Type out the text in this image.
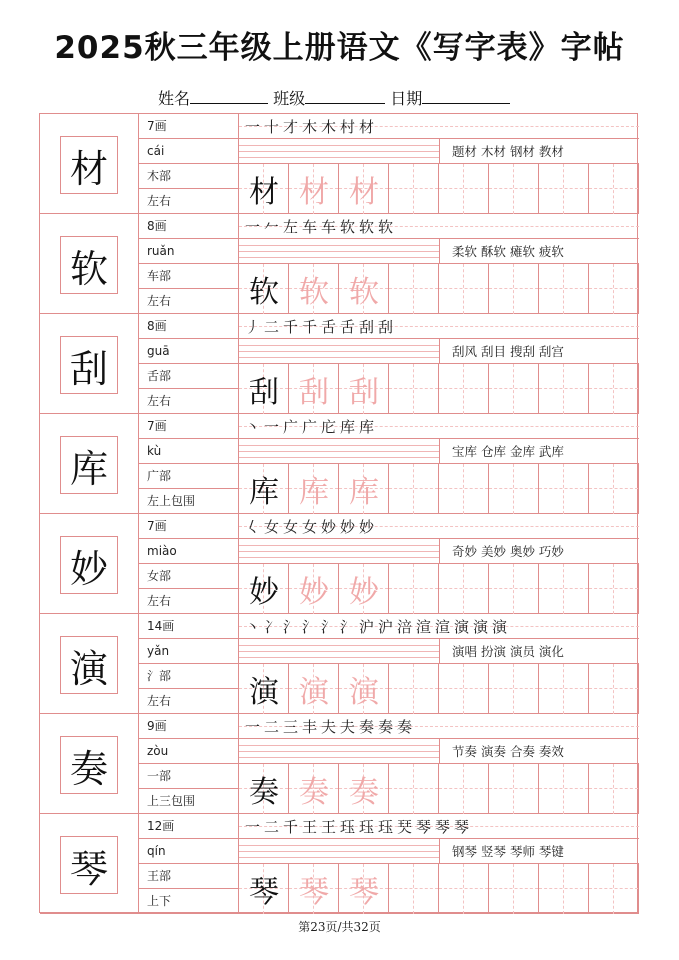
2025秋三年级上册语文《写字表》字帖
姓名	班级	日期
材
7画
cái
木部
左右
一十才木木村材
题材 木材 钢材 教材
材 材 材
软
8画
ruǎn
车部
左右
一𠂉左车车软软软
柔软 酥软 瘫软 疲软
软 软 软
刮
8画
guā
舌部
左右
丿二千千舌舌刮刮
刮风 刮目 搜刮 刮宫
刮 刮 刮
库
7画
kù
广部
左上包围
丶一广广庀库库
宝库 仓库 金库 武库
库 库 库
妙
7画
miào
女部
左右
𡿨女女女妙妙妙
奇妙 美妙 奥妙 巧妙
妙 妙 妙
演
14画
yǎn
氵部
左右
丶冫氵氵氵氵沪沪涪渲渲演演演
演唱 扮演 演员 演化
演 演 演
奏
9画
zòu
一部
上三包围
一二三丰夫夫奏奏奏
节奏 演奏 合奏 奏效
奏 奏 奏
琴
12画
qín
王部
上下
一二千王王珏珏珏珡琴琴琴
钢琴 竖琴 琴师 琴键
琴 琴 琴
第23页/共32页
